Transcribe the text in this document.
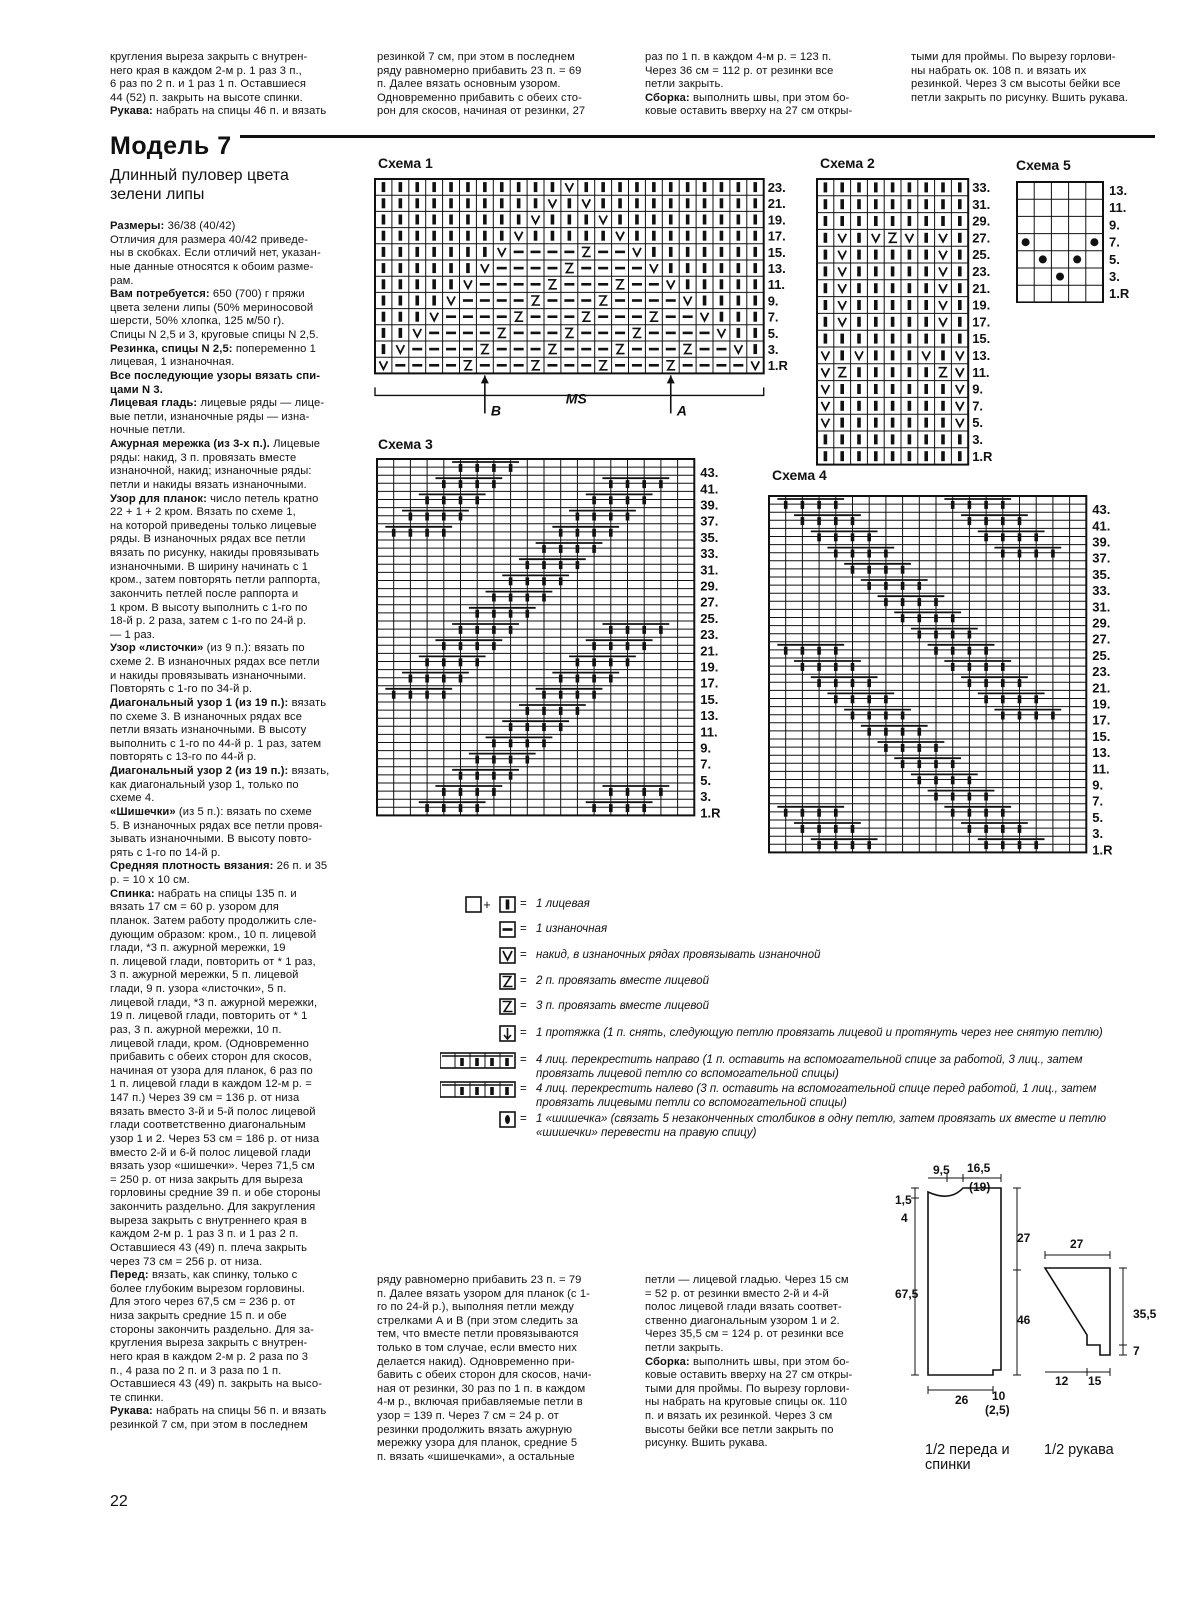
кругления выреза закрыть с внутрен-

него края в каждом 2-м р. 1 раз 3 п.,

6 раз по 2 п. и 1 раз 1 п. Оставшиеся

44 (52) п. закрыть на высоте спинки.

Рукава: набрать на спицы 46 п. и вязать

резинкой 7 см, при этом в последнем

ряду равномерно прибавить 23 п. = 69

п. Далее вязать основным узором.

Одновременно прибавить с обеих сто-

рон для скосов, начиная от резинки, 27

раз по 1 п. в каждом 4-м р. = 123 п.

Через 36 см = 112 р. от резинки все

петли закрыть.

Сборка: выполнить швы, при этом бо-

ковые оставить вверху на 27 см откры-

тыми для проймы. По вырезу горлови-

ны набрать ок. 108 п. и вязать их

резинкой. Через 3 см высоты бейки все

петли закрыть по рисунку. Вшить рукава.

Модель 7
Длинный пуловер цвета зелени липы

Размеры: 36/38 (40/42)

Отличия для размера 40/42 приведе-

ны в скобках. Если отличий нет, указан-

ные данные относятся к обоим разме-

рам.

Вам потребуется: 650 (700) г пряжи

цвета зелени липы (50% мериносовой

шерсти, 50% хлопка, 125 м/50 г).

Спицы N 2,5 и 3, круговые спицы N 2,5.

Резинка, спицы N 2,5: попеременно 1

лицевая, 1 изнаночная.

Все последующие узоры вязать спи-

цами N 3.

Лицевая гладь: лицевые ряды — лице-

вые петли, изнаночные ряды — изна-

ночные петли.

Ажурная мережка (из 3-х п.). Лицевые

ряды: накид, 3 п. провязать вместе

изнаночной, накид; изнаночные ряды:

петли и накиды вязать изнаночными.

Узор для планок: число петель кратно

22 + 1 + 2 кром. Вязать по схеме 1,

на которой приведены только лицевые

ряды. В изнаночных рядах все петли

вязать по рисунку, накиды провязывать

изнаночными. В ширину начинать с 1

кром., затем повторять петли раппорта,

закончить петлей после раппорта и

1 кром. В высоту выполнить с 1-го по

18-й р. 2 раза, затем с 1-го по 24-й р.

— 1 раз.

Узор «листочки» (из 9 п.): вязать по

схеме 2. В изнаночных рядах все петли

и накиды провязывать изнаночными.

Повторять с 1-го по 34-й р.

Диагональный узор 1 (из 19 п.): вязать

по схеме 3. В изнаночных рядах все

петли вязать изнаночными. В высоту

выполнить с 1-го по 44-й р. 1 раз, затем

повторять с 13-го по 44-й р.

Диагональный узор 2 (из 19 п.): вязать,

как диагональный узор 1, только по

схеме 4.

«Шишечки» (из 5 п.): вязать по схеме

5. В изнаночных рядах все петли провя-

зывать изнаночными. В высоту повто-

рять с 1-го по 14-й р.

Средняя плотность вязания: 26 п. и 35

р. = 10 х 10 см.

Спинка: набрать на спицы 135 п. и

вязать 17 см = 60 р. узором для

планок. Затем работу продолжить сле-

дующим образом: кром., 10 п. лицевой

глади, *3 п. ажурной мережки, 19

п. лицевой глади, повторить от * 1 раз,

3 п. ажурной мережки, 5 п. лицевой

глади, 9 п. узора «листочки», 5 п.

лицевой глади, *3 п. ажурной мережки,

19 п. лицевой глади, повторить от * 1

раз, 3 п. ажурной мережки, 10 п.

лицевой глади, кром. (Одновременно

прибавить с обеих сторон для скосов,

начиная от узора для планок, 6 раз по

1 п. лицевой глади в каждом 12-м р. =

147 п.) Через 39 см = 136 р. от низа

вязать вместо 3-й и 5-й полос лицевой

глади соответственно диагональным

узор 1 и 2. Через 53 см = 186 р. от низа

вместо 2-й и 6-й полос лицевой глади

вязать узор «шишечки». Через 71,5 см

= 250 р. от низа закрыть для выреза

горловины средние 39 п. и обе стороны

закончить раздельно. Для закругления

выреза закрыть с внутреннего края в

каждом 2-м р. 1 раз 3 п. и 1 раз 2 п.

Оставшиеся 43 (49) п. плеча закрыть

через 73 см = 256 р. от низа.

Перед: вязать, как спинку, только с

более глубоким вырезом горловины.

Для этого через 67,5 см = 236 р. от

низа закрыть средние 15 п. и обе

стороны закончить раздельно. Для за-

кругления выреза закрыть с внутрен-

него края в каждом 2-м р. 2 раза по 3

п., 4 раза по 2 п. и 3 раза по 1 п.

Оставшиеся 43 (49) п. закрыть на высо-

те спинки.

Рукава: набрать на спицы 56 п. и вязать

резинкой 7 см, при этом в последнем

Схема 1	Схема 2	Схема 5
Схема 3
Схема 4
23.
21.
19.
17.
15.
13.
11.
9.
7.
5.
3.
1.R
B
MS
A
33.
31.
29.
27.
25.
23.
21.
19.
17.
15.
13.
11.
9.
7.
5.
3.
1.R
13.
11.
9.
7.
5.
3.
1.R
43.
41.
39.
37.
35.
33.
31.
29.
27.
25.
23.
21.
19.
17.
15.
13.
11.
9.
7.
5.
3.
1.R
43.
41.
39.
37.
35.
33.
31.
29.
27.
25.
23.
21.
19.
17.
15.
13.
11.
9.
7.
5.
3.
1.R
+	= 1 лицевая
= 1 изнаночная
= накид, в изнаночных рядах провязывать изнаночной
= 2 п. провязать вместе лицевой
= 3 п. провязать вместе лицевой
= 1 протяжка (1 п. снять, следующую петлю провязать лицевой и протянуть через нее снятую петлю)
= 4 лиц. перекрестить направо (1 п. оставить на вспомогательной спице за работой, 3 лиц., затем провязать лицевой петлю со вспомогательной спицы)
= 4 лиц. перекрестить налево (3 п. оставить на вспомогательной спице перед работой, 1 лиц., затем провязать лицевыми петли со вспомогательной спицы)
= 1 «шишечка» (связать 5 незаконченных столбиков в одну петлю, затем провязать их вместе и петлю «шишечки» перевести на правую спицу)

ряду равномерно прибавить 23 п. = 79

п. Далее вязать узором для планок (с 1-

го по 24-й р.), выполняя петли между

стрелками А и В (при этом следить за

тем, что вместе петли провязываются

только в том случае, если вместо них

делается накид). Одновременно при-

бавить с обеих сторон для скосов, начи-

ная от резинки, 30 раз по 1 п. в каждом

4-м р., включая прибавляемые петли в

узор = 139 п. Через 7 см = 24 р. от

резинки продолжить вязать ажурную

мережку узора для планок, средние 5

п. вязать «шишечками», а остальные

петли — лицевой гладью. Через 15 см

= 52 р. от резинки вместо 2-й и 4-й

полос лицевой глади вязать соответ-

ственно диагональным узором 1 и 2.

Через 35,5 см = 124 р. от резинки все

петли закрыть.

Сборка: выполнить швы, при этом бо-

ковые оставить вверху на 27 см откры-

тыми для проймы. По вырезу горлови-

ны набрать на круговые спицы ок. 110

п. и вязать их резинкой. Через 3 см

высоты бейки все петли закрыть по

рисунку. Вшить рукава.

9,5 16,5
(19)
1,5
4
27
67,5
46
26 10
(2,5)
27
35,5
7
12 15
1/2 переда и спинки
1/2 рукава
22
